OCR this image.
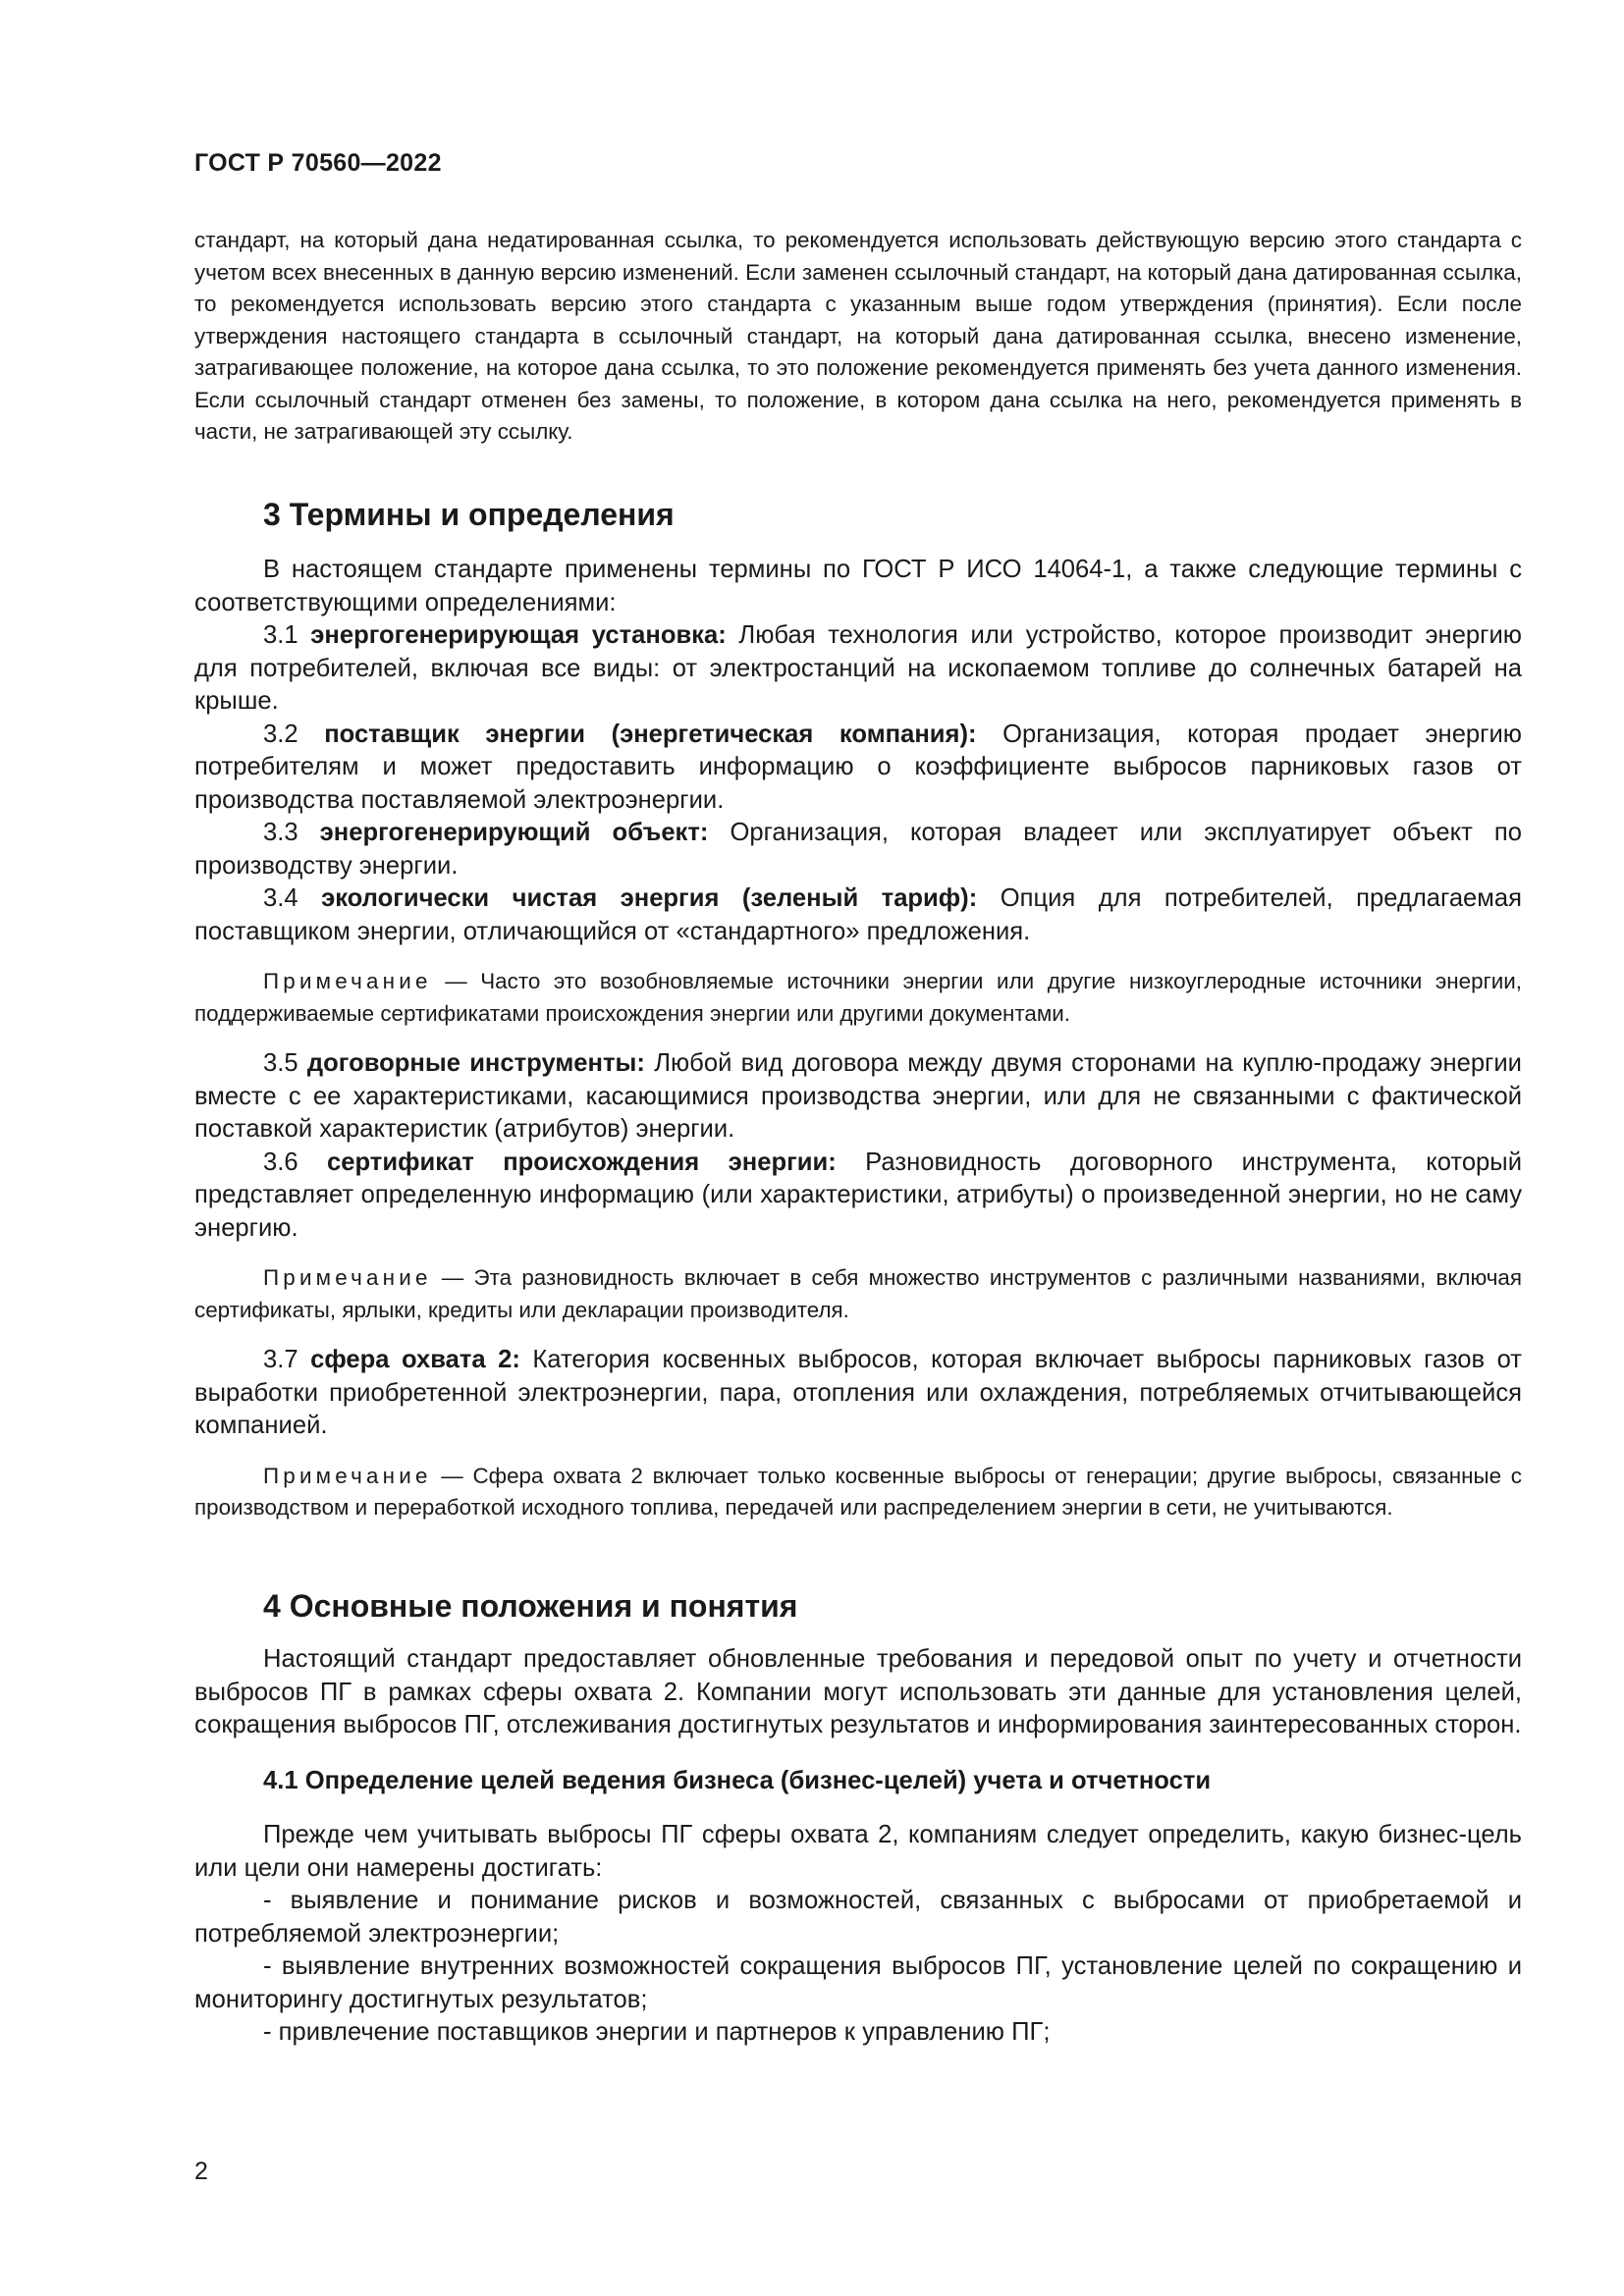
ГОСТ Р 70560—2022

стандарт, на который дана недатированная ссылка, то рекомендуется использовать действующую версию этого стандарта с учетом всех внесенных в данную версию изменений. Если заменен ссылочный стандарт, на который дана датированная ссылка, то рекомендуется использовать версию этого стандарта с указанным выше годом утверждения (принятия). Если после утверждения настоящего стандарта в ссылочный стандарт, на который дана датированная ссылка, внесено изменение, затрагивающее положение, на которое дана ссылка, то это положение рекомендуется применять без учета данного изменения. Если ссылочный стандарт отменен без замены, то положение, в котором дана ссылка на него, рекомендуется применять в части, не затрагивающей эту ссылку.

3 Термины и определения

В настоящем стандарте применены термины по ГОСТ Р ИСО 14064-1, а также следующие термины с соответствующими определениями:

3.1 энергогенерирующая установка: Любая технология или устройство, которое производит энергию для потребителей, включая все виды: от электростанций на ископаемом топливе до солнечных батарей на крыше.

3.2 поставщик энергии (энергетическая компания): Организация, которая продает энергию потребителям и может предоставить информацию о коэффициенте выбросов парниковых газов от производства поставляемой электроэнергии.

3.3 энергогенерирующий объект: Организация, которая владеет или эксплуатирует объект по производству энергии.

3.4 экологически чистая энергия (зеленый тариф): Опция для потребителей, предлагаемая поставщиком энергии, отличающийся от «стандартного» предложения.

Примечание — Часто это возобновляемые источники энергии или другие низкоуглеродные источники энергии, поддерживаемые сертификатами происхождения энергии или другими документами.

3.5 договорные инструменты: Любой вид договора между двумя сторонами на куплю-продажу энергии вместе с ее характеристиками, касающимися производства энергии, или для не связанными с фактической поставкой характеристик (атрибутов) энергии.

3.6 сертификат происхождения энергии: Разновидность договорного инструмента, который представляет определенную информацию (или характеристики, атрибуты) о произведенной энергии, но не саму энергию.

Примечание — Эта разновидность включает в себя множество инструментов с различными названиями, включая сертификаты, ярлыки, кредиты или декларации производителя.

3.7 сфера охвата 2: Категория косвенных выбросов, которая включает выбросы парниковых газов от выработки приобретенной электроэнергии, пара, отопления или охлаждения, потребляемых отчитывающейся компанией.

Примечание — Сфера охвата 2 включает только косвенные выбросы от генерации; другие выбросы, связанные с производством и переработкой исходного топлива, передачей или распределением энергии в сети, не учитываются.

4 Основные положения и понятия

Настоящий стандарт предоставляет обновленные требования и передовой опыт по учету и отчетности выбросов ПГ в рамках сферы охвата 2. Компании могут использовать эти данные для установления целей, сокращения выбросов ПГ, отслеживания достигнутых результатов и информирования заинтересованных сторон.

4.1 Определение целей ведения бизнеса (бизнес-целей) учета и отчетности

Прежде чем учитывать выбросы ПГ сферы охвата 2, компаниям следует определить, какую бизнес-цель или цели они намерены достигать:

- выявление и понимание рисков и возможностей, связанных с выбросами от приобретаемой и потребляемой электроэнергии;

- выявление внутренних возможностей сокращения выбросов ПГ, установление целей по сокращению и мониторингу достигнутых результатов;

- привлечение поставщиков энергии и партнеров к управлению ПГ;

2
